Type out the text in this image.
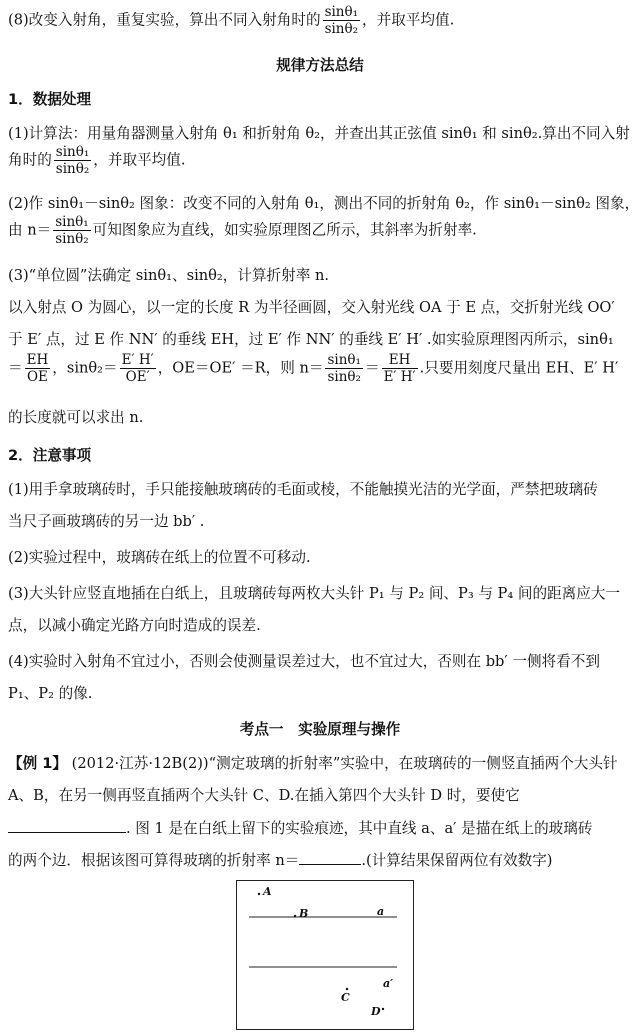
(8)改变入射角，重复实验，算出不同入射角时的 $\frac{\text{sinθ₁}}{\text{sinθ₂}}$ ，并取平均值.
规律方法总结
1．数据处理
(1)计算法：用量角器测量入射角 θ₁ 和折射角 θ₂，并查出其正弦值 sinθ₁ 和 sinθ₂.算出不同入射
角时的 $\frac{\text{sinθ₁}}{\text{sinθ₂}}$ ，并取平均值.
(2)作 sinθ₁－sinθ₂ 图象：改变不同的入射角 θ₁，测出不同的折射角 θ₂，作 sinθ₁－sinθ₂ 图象，
由 $n= \frac{\text{sinθ₁}}{\text{sinθ₂}}$ 可知图象应为直线，如实验原理图乙所示，其斜率为折射率.
(3)“单位圆”法确定 sinθ₁、sinθ₂，计算折射率 n.
以入射点 O 为圆心，以一定的长度 R 为半径画圆，交入射光线 OA 于 E 点，交折射光线 OO′
于 E′ 点，过 E 作 NN′ 的垂线 EH，过 E′ 作 NN′ 的垂线 E′ H′ .如实验原理图丙所示，sinθ₁
＝ $\frac{EH}{OE}$ ，$\sin\theta_2= \frac{E' H'}{OE'}$ ，OE＝OE′ ＝R，则 $n= \frac{\text{sinθ₁}}{\text{sinθ₂}} = \frac{EH}{E' H'}$ .只要用刻度尺量出 EH、E′ H′
的长度就可以求出 n.
2．注意事项
(1)用手拿玻璃砖时，手只能接触玻璃砖的毛面或棱，不能触摸光洁的光学面，严禁把玻璃砖
当尺子画玻璃砖的另一边 bb′ .
(2)实验过程中，玻璃砖在纸上的位置不可移动.
(3)大头针应竖直地插在白纸上，且玻璃砖每两枚大头针 P₁ 与 P₂ 间、P₃ 与 P₄ 间的距离应大一
点，以减小确定光路方向时造成的误差.
(4)实验时入射角不宜过小，否则会使测量误差过大，也不宜过大，否则在 bb′ 一侧将看不到
P₁、P₂ 的像.
考点一　实验原理与操作
【例 1】 (2012·江苏·12B(2))“测定玻璃的折射率”实验中，在玻璃砖的一侧竖直插两个大头针
A、B，在另一侧再竖直插两个大头针 C、D.在插入第四个大头针 D 时，要使它
. 图 1 是在白纸上留下的实验痕迹，其中直线 a、a′ 是描在纸上的玻璃砖
的两个边．根据该图可算得玻璃的折射率 n＝	.(计算结果保留两位有效数字)
A
B	a
a′
C
D
